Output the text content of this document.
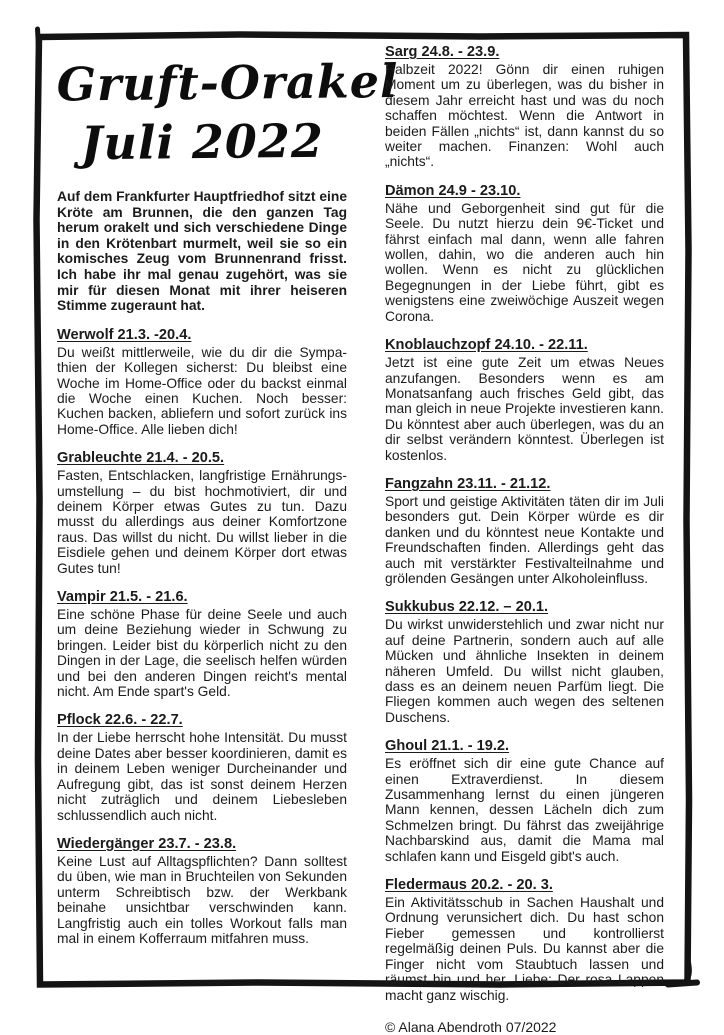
Gruft-Orakel
Juli 2022

Auf dem Frankfurter Hauptfriedhof sitzt eine Kröte am Brunnen, die den ganzen Tag herum orakelt und sich verschiedene Dinge in den Krötenbart murmelt, weil sie so ein komisches Zeug vom Brunnenrand frisst. Ich habe ihr mal genau zugehört, was sie mir für diesen Monat mit ihrer heiseren Stimme zugeraunt hat.

Werwolf 21.3. -20.4.

Du weißt mittlerweile, wie du dir die Sympathien der Kollegen sicherst: Du bleibst eine Woche im Home-Office oder du backst einmal die Woche einen Kuchen. Noch besser: Kuchen backen, abliefern und sofort zurück ins Home-Office. Alle lieben dich!

Grableuchte 21.4. - 20.5.

Fasten, Entschlacken, langfristige Ernährungsumstellung – du bist hochmotiviert, dir und deinem Körper etwas Gutes zu tun. Dazu musst du allerdings aus deiner Komfortzone raus. Das willst du nicht. Du willst lieber in die Eisdiele gehen und deinem Körper dort etwas Gutes tun!

Vampir 21.5. - 21.6.

Eine schöne Phase für deine Seele und auch um deine Beziehung wieder in Schwung zu bringen. Leider bist du körperlich nicht zu den Dingen in der Lage, die seelisch helfen würden und bei den anderen Dingen reicht's mental nicht. Am Ende spart's Geld.

Pflock 22.6. - 22.7.

In der Liebe herrscht hohe Intensität. Du musst deine Dates aber besser koordinieren, damit es in deinem Leben weniger Durcheinander und Aufregung gibt, das ist sonst deinem Herzen nicht zuträglich und deinem Liebesleben schlussendlich auch nicht.

Wiedergänger 23.7. - 23.8.

Keine Lust auf Alltagspflichten? Dann solltest du üben, wie man in Bruchteilen von Sekunden unterm Schreibtisch bzw. der Werkbank beinahe unsichtbar verschwinden kann. Langfristig auch ein tolles Workout falls man mal in einem Kofferraum mitfahren muss.

Sarg 24.8. - 23.9.

Halbzeit 2022! Gönn dir einen ruhigen Moment um zu überlegen, was du bisher in diesem Jahr erreicht hast und was du noch schaffen möchtest. Wenn die Antwort in beiden Fällen „nichts“ ist, dann kannst du so weiter machen. Finanzen: Wohl auch „nichts“.

Dämon 24.9 - 23.10.

Nähe und Geborgenheit sind gut für die Seele. Du nutzt hierzu dein 9€-Ticket und fährst einfach mal dann, wenn alle fahren wollen, dahin, wo die anderen auch hin wollen. Wenn es nicht zu glücklichen Begegnungen in der Liebe führt, gibt es wenigstens eine zweiwöchige Auszeit wegen Corona.

Knoblauchzopf 24.10. - 22.11.

Jetzt ist eine gute Zeit um etwas Neues anzufangen. Besonders wenn es am Monatsanfang auch frisches Geld gibt, das man gleich in neue Projekte investieren kann. Du könntest aber auch überlegen, was du an dir selbst verändern könntest. Überlegen ist kostenlos.

Fangzahn 23.11. - 21.12.

Sport und geistige Aktivitäten täten dir im Juli besonders gut. Dein Körper würde es dir danken und du könntest neue Kontakte und Freundschaften finden. Allerdings geht das auch mit verstärkter Festivalteilnahme und grölenden Gesängen unter Alkoholeinfluss.

Sukkubus 22.12. – 20.1.

Du wirkst unwiderstehlich und zwar nicht nur auf deine Partnerin, sondern auch auf alle Mücken und ähnliche Insekten in deinem näheren Umfeld. Du willst nicht glauben, dass es an deinem neuen Parfüm liegt. Die Fliegen kommen auch wegen des seltenen Duschens.

Ghoul 21.1. - 19.2.

Es eröffnet sich dir eine gute Chance auf einen Extraverdienst. In diesem Zusammenhang lernst du einen jüngeren Mann kennen, dessen Lächeln dich zum Schmelzen bringt. Du fährst das zweijährige Nachbarskind aus, damit die Mama mal schlafen kann und Eisgeld gibt's auch.

Fledermaus 20.2. - 20. 3.

Ein Aktivitätsschub in Sachen Haushalt und Ordnung verunsichert dich. Du hast schon Fieber gemessen und kontrollierst regelmäßig deinen Puls. Du kannst aber die Finger nicht vom Staubtuch lassen und räumst hin und her. Liebe: Der rosa Lappen macht ganz wischig.

© Alana Abendroth 07/2022
